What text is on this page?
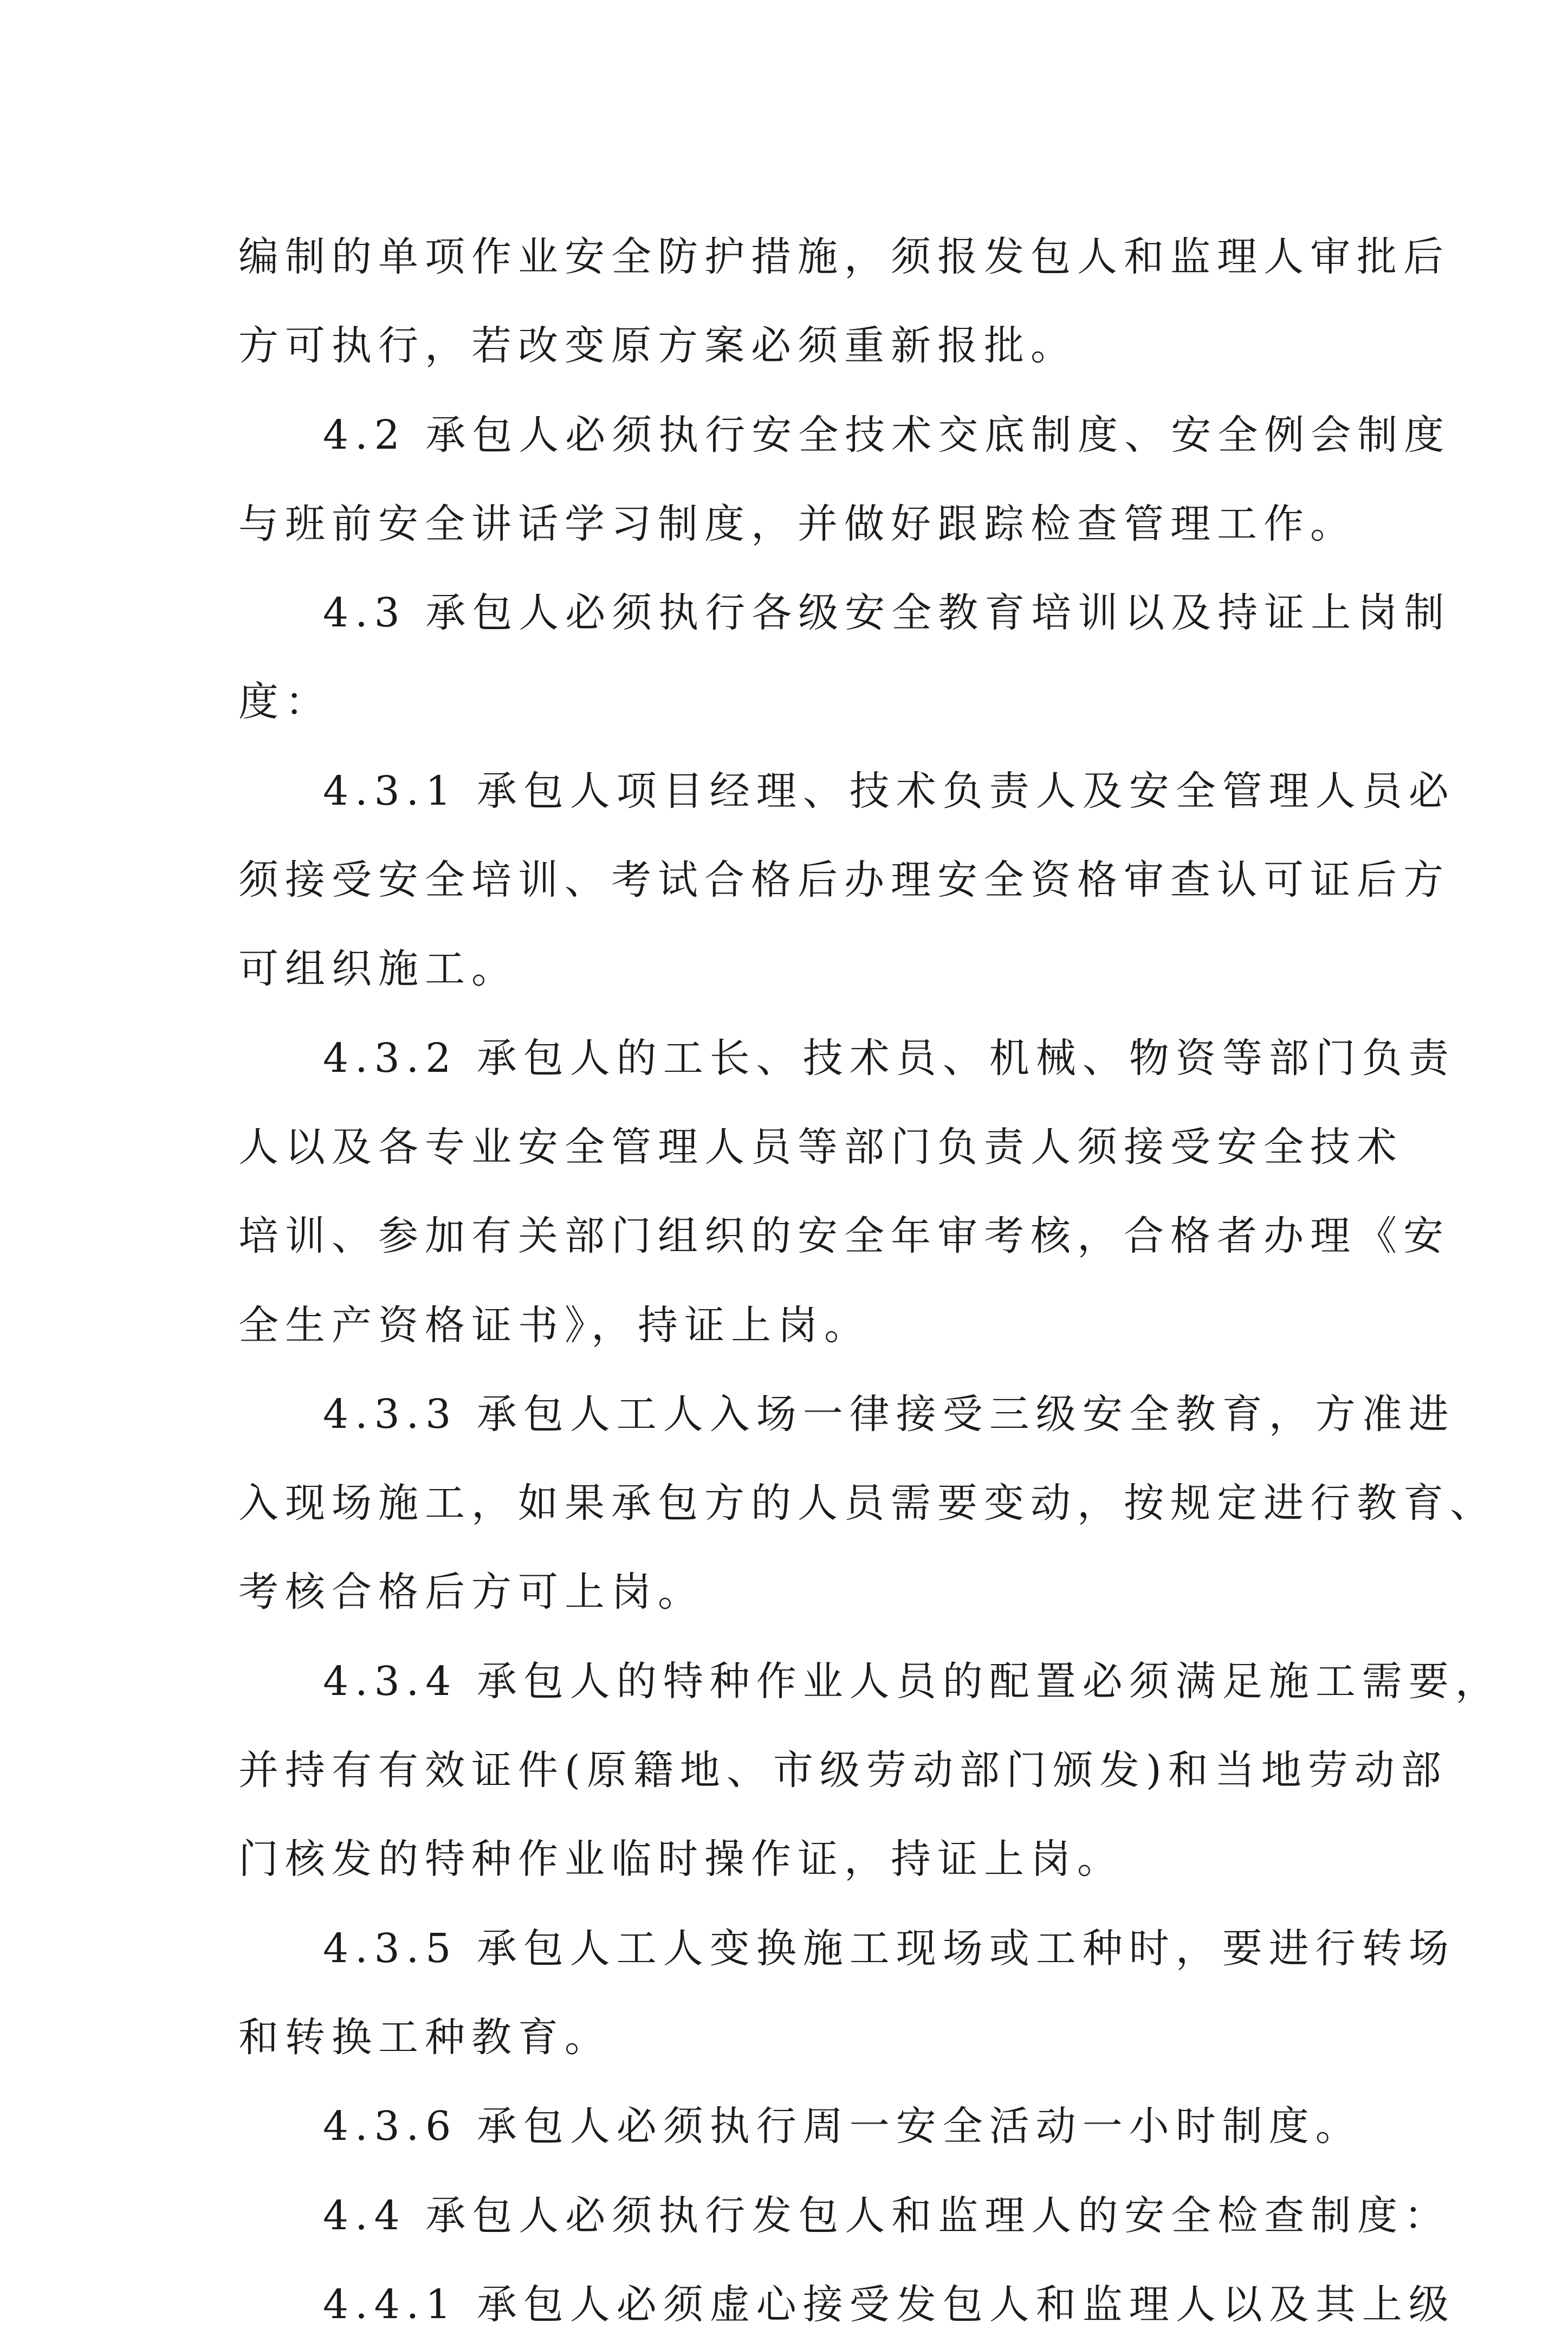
编制的单项作业安全防护措施，须报发包人和监理人审批后
方可执行，若改变原方案必须重新报批。
4.2 承包人必须执行安全技术交底制度、安全例会制度
与班前安全讲话学习制度，并做好跟踪检查管理工作。
4.3 承包人必须执行各级安全教育培训以及持证上岗制
度：
4.3.1 承包人项目经理、技术负责人及安全管理人员必
须接受安全培训、考试合格后办理安全资格审查认可证后方
可组织施工。
4.3.2 承包人的工长、技术员、机械、物资等部门负责
人以及各专业安全管理人员等部门负责人须接受安全技术
培训、参加有关部门组织的安全年审考核，合格者办理《安
全生产资格证书》，持证上岗。
4.3.3 承包人工人入场一律接受三级安全教育，方准进
入现场施工，如果承包方的人员需要变动，按规定进行教育、
考核合格后方可上岗。
4.3.4 承包人的特种作业人员的配置必须满足施工需要，
并持有有效证件(原籍地、市级劳动部门颁发)和当地劳动部
门核发的特种作业临时操作证，持证上岗。
4.3.5 承包人工人变换施工现场或工种时，要进行转场
和转换工种教育。
4.3.6 承包人必须执行周一安全活动一小时制度。
4.4 承包人必须执行发包人和监理人的安全检查制度：
4.4.1 承包人必须虚心接受发包人和监理人以及其上级
